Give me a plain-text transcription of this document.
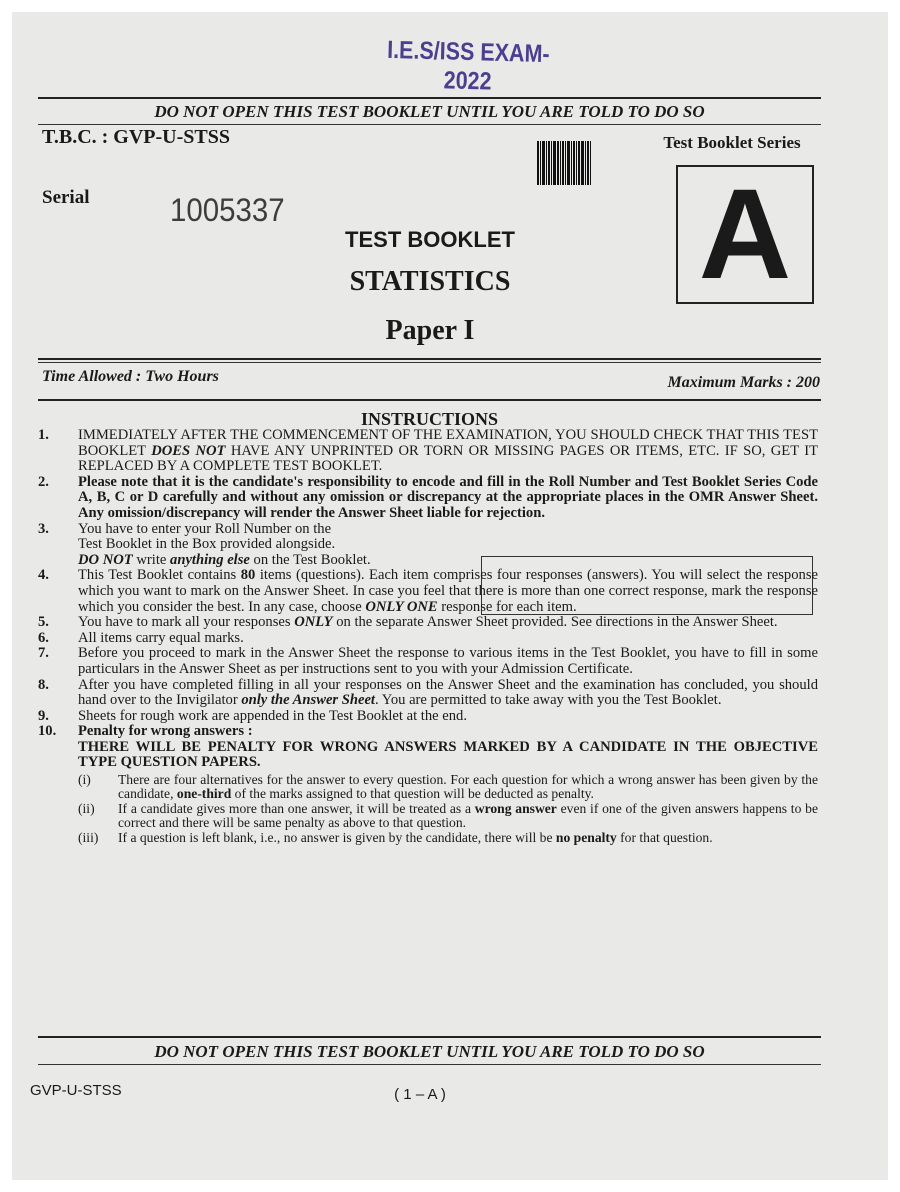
I.E.S/ISS EXAM-2022
DO NOT OPEN THIS TEST BOOKLET UNTIL YOU ARE TOLD TO DO SO
T.B.C. : GVP-U-STSS	Test Booklet Series
A
Serial	1005337
TEST BOOKLET
STATISTICS
Paper I
Time Allowed : Two Hours	Maximum Marks : 200
INSTRUCTIONS
1.	IMMEDIATELY AFTER THE COMMENCEMENT OF THE EXAMINATION, YOU SHOULD CHECK THAT THIS TEST BOOKLET DOES NOT HAVE ANY UNPRINTED OR TORN OR MISSING PAGES OR ITEMS, ETC. IF SO, GET IT REPLACED BY A COMPLETE TEST BOOKLET.
2.	Please note that it is the candidate's responsibility to encode and fill in the Roll Number and Test Booklet Series Code A, B, C or D carefully and without any omission or discrepancy at the appropriate places in the OMR Answer Sheet. Any omission/discrepancy will render the Answer Sheet liable for rejection.
3.	You have to enter your Roll Number on the
Test Booklet in the Box provided alongside.
DO NOT write anything else on the Test Booklet.
4.	This Test Booklet contains 80 items (questions). Each item comprises four responses (answers). You will select the response which you want to mark on the Answer Sheet. In case you feel that there is more than one correct response, mark the response which you consider the best. In any case, choose ONLY ONE response for each item.
5.	You have to mark all your responses ONLY on the separate Answer Sheet provided. See directions in the Answer Sheet.
6.	All items carry equal marks.
7.	Before you proceed to mark in the Answer Sheet the response to various items in the Test Booklet, you have to fill in some particulars in the Answer Sheet as per instructions sent to you with your Admission Certificate.
8.	After you have completed filling in all your responses on the Answer Sheet and the examination has concluded, you should hand over to the Invigilator only the Answer Sheet. You are permitted to take away with you the Test Booklet.
9.	Sheets for rough work are appended in the Test Booklet at the end.
10.	Penalty for wrong answers :
THERE WILL BE PENALTY FOR WRONG ANSWERS MARKED BY A CANDIDATE IN THE OBJECTIVE TYPE QUESTION PAPERS.
(i)	There are four alternatives for the answer to every question. For each question for which a wrong answer has been given by the candidate, one-third of the marks assigned to that question will be deducted as penalty.
(ii)	If a candidate gives more than one answer, it will be treated as a wrong answer even if one of the given answers happens to be correct and there will be same penalty as above to that question.
(iii)	If a question is left blank, i.e., no answer is given by the candidate, there will be no penalty for that question.
DO NOT OPEN THIS TEST BOOKLET UNTIL YOU ARE TOLD TO DO SO
GVP-U-STSS	( 1 – A )
